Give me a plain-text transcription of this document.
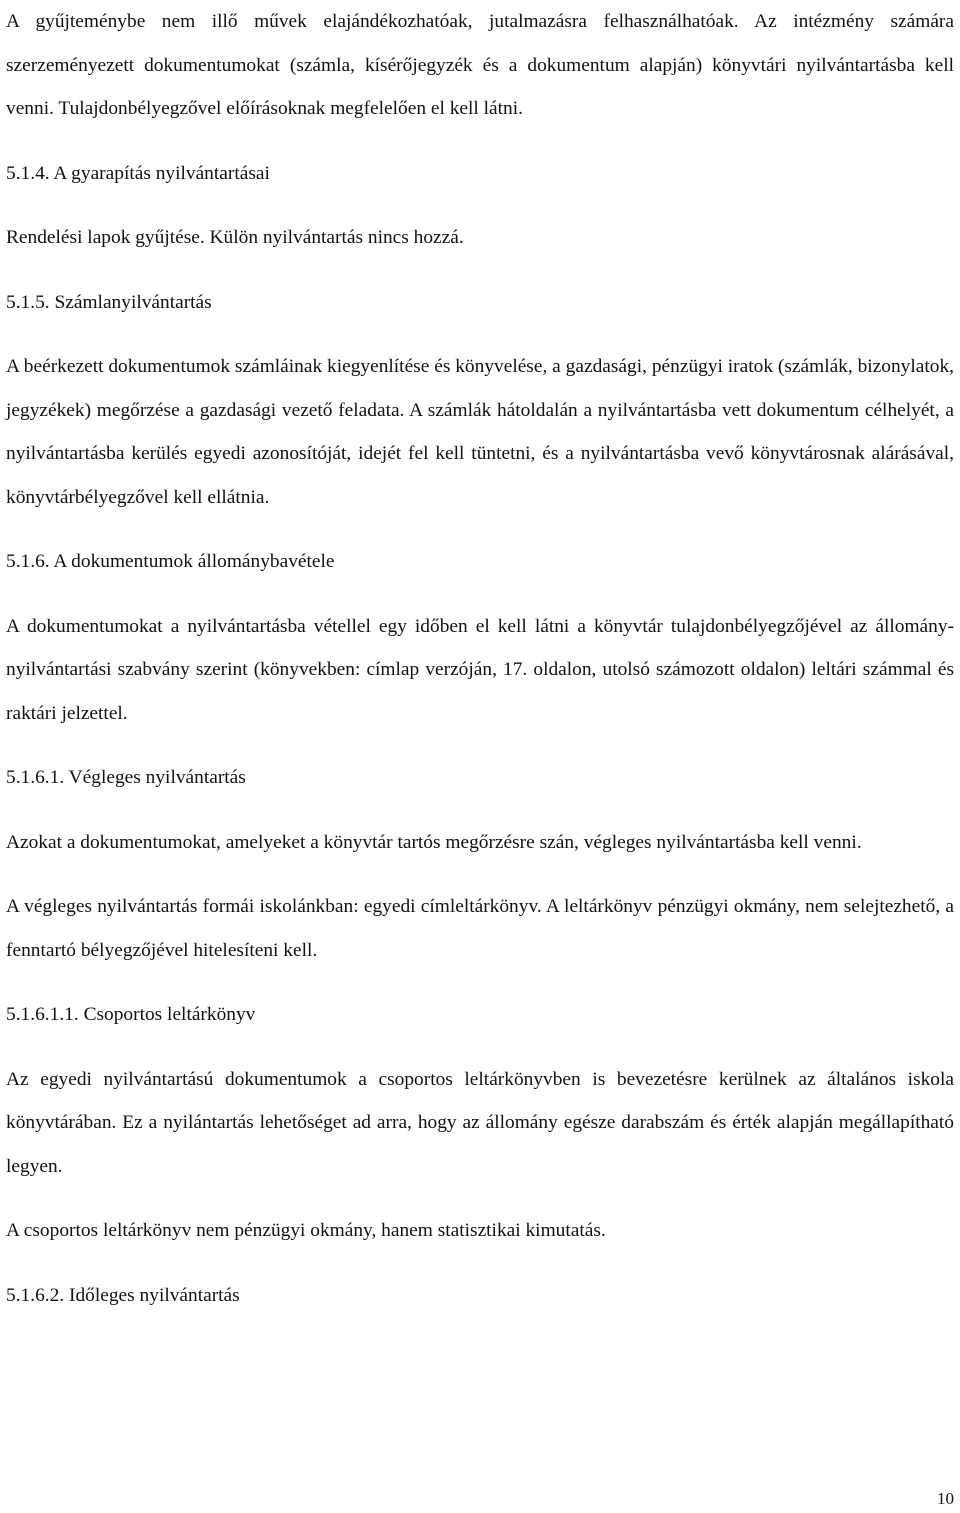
A gyűjteménybe nem illő művek elajándékozhatóak, jutalmazásra felhasználhatóak. Az intézmény számára szerzeményezett dokumentumokat (számla, kísérőjegyzék és a dokumentum alapján) könyvtári nyilvántartásba kell venni. Tulajdonbélyegzővel előírásoknak megfelelően el kell látni.

5.1.4. A gyarapítás nyilvántartásai

Rendelési lapok gyűjtése. Külön nyilvántartás nincs hozzá.

5.1.5. Számlanyilvántartás

A beérkezett dokumentumok számláinak kiegyenlítése és könyvelése, a gazdasági, pénzügyi iratok (számlák, bizonylatok, jegyzékek) megőrzése a gazdasági vezető feladata. A számlák hátoldalán a nyilvántartásba vett dokumentum célhelyét, a nyilvántartásba kerülés egyedi azonosítóját, idejét fel kell tüntetni, és a nyilvántartásba vevő könyvtárosnak alárásával, könyvtárbélyegzővel kell ellátnia.

5.1.6. A dokumentumok állománybavétele

A dokumentumokat a nyilvántartásba vétellel egy időben el kell látni a könyvtár tulajdonbélyegzőjével az állomány-nyilvántartási szabvány szerint (könyvekben: címlap verzóján, 17. oldalon, utolsó számozott oldalon) leltári számmal és raktári jelzettel.

5.1.6.1. Végleges nyilvántartás

Azokat a dokumentumokat, amelyeket a könyvtár tartós megőrzésre szán, végleges nyilvántartásba kell venni.

A végleges nyilvántartás formái iskolánkban: egyedi címleltárkönyv. A leltárkönyv pénzügyi okmány, nem selejtezhető, a fenntartó bélyegzőjével hitelesíteni kell.

5.1.6.1.1. Csoportos leltárkönyv

Az egyedi nyilvántartású dokumentumok a csoportos leltárkönyvben is bevezetésre kerülnek az általános iskola könyvtárában. Ez a nyilántartás lehetőséget ad arra, hogy az állomány egésze darabszám és érték alapján megállapítható legyen.

A csoportos leltárkönyv nem pénzügyi okmány, hanem statisztikai kimutatás.

5.1.6.2. Időleges nyilvántartás

10
